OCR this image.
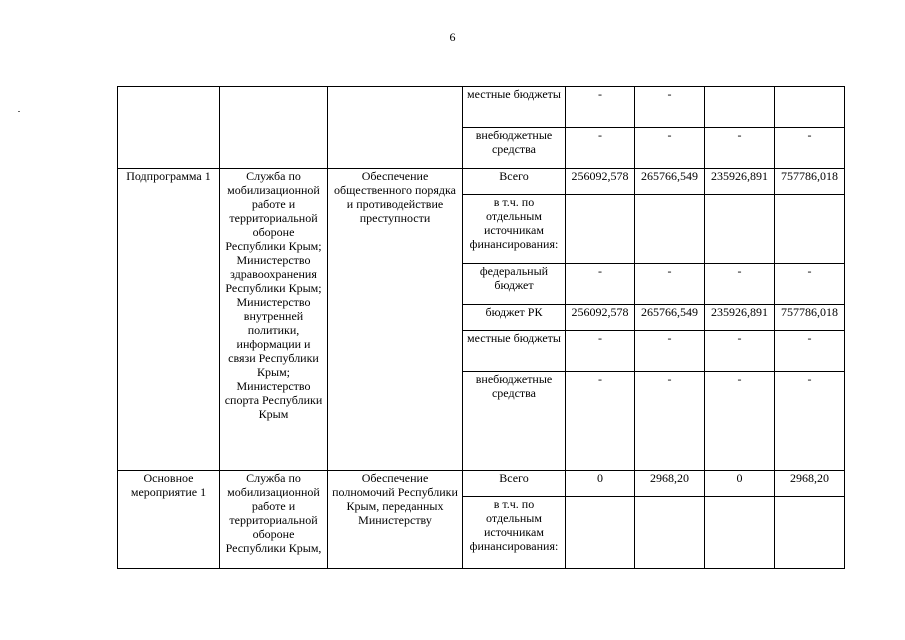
6
			местные бюджеты	-	-		
			внебюджетные средства	-	-	-	-
Подпрограмма 1	Служба по мобилизационной работе и территориальной обороне Республики Крым; Министерство здравоохранения Республики Крым; Министерство внутренней политики, информации и связи Республики Крым; Министерство спорта Республики Крым	Обеспечение общественного порядка и противодействие преступности	Всего	256092,578	265766,549	235926,891	757786,018
			в т.ч. по отдельным источникам финансирования:				
			федеральный бюджет	-	-	-	-
			бюджет РК	256092,578	265766,549	235926,891	757786,018
			местные бюджеты	-	-	-	-
			внебюджетные средства	-	-	-	-
Основное мероприятие 1	Служба по мобилизационной работе и территориальной обороне Республики Крым,	Обеспечение полномочий Республики Крым, переданных Министерству	Всего	0	2968,20	0	2968,20
			в т.ч. по отдельным источникам финансирования:				
